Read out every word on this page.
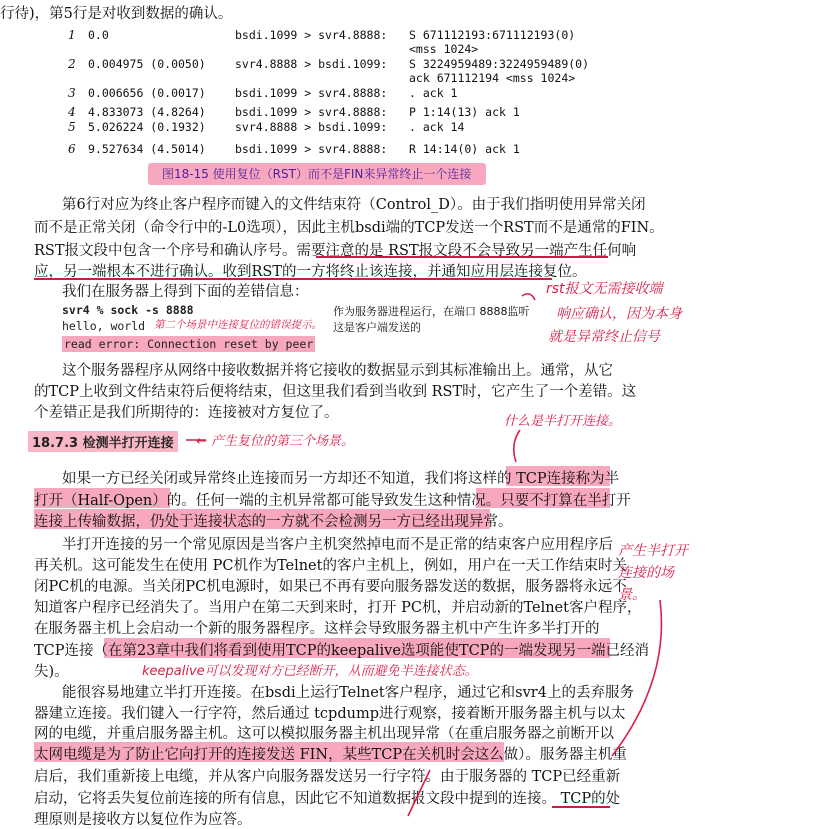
行待)，第5行是对收到数据的确认。
1 0.0	bsdi.1099 > svr4.8888: S 671112193:671112193(0)
<mss 1024>
2 0.004975 (0.0050)	svr4.8888 > bsdi.1099: S 3224959489:3224959489(0)
ack 671112194 <mss 1024>
3 0.006656 (0.0017)	bsdi.1099 > svr4.8888: . ack 1
4 4.833073 (4.8264)	bsdi.1099 > svr4.8888: P 1:14(13) ack 1
5 5.026224 (0.1932)	svr4.8888 > bsdi.1099: . ack 14
6 9.527634 (4.5014)	bsdi.1099 > svr4.8888: R 14:14(0) ack 1
图18-15 使用复位（RST）而不是FIN来异常终止一个连接
第6行对应为终止客户程序而键入的文件结束符（Control_D）。由于我们指明使用异常关闭
而不是正常关闭（命令行中的-L0选项），因此主机bsdi端的TCP发送一个RST而不是通常的FIN。
RST报文段中包含一个序号和确认序号。需要注意的是 RST报文段不会导致另一端产生任何响
应，另一端根本不进行确认。收到RST的一方将终止该连接，并通知应用层连接复位。
我们在服务器上得到下面的差错信息：
svr4 % sock -s 8888	作为服务器进程运行，在端口 8888监听
hello, world	这是客户端发送的
read error: Connection reset by peer
这个服务器程序从网络中接收数据并将它接收的数据显示到其标准输出上。通常，从它
的TCP上收到文件结束符后便将结束，但这里我们看到当收到 RST时，它产生了一个差错。这
个差错正是我们所期待的：连接被对方复位了。
18.7.3 检测半打开连接
如果一方已经关闭或异常终止连接而另一方却还不知道，我们将这样的 TCP连接称为半
打开（Half-Open）的。任何一端的主机异常都可能导致发生这种情况。只要不打算在半打开
连接上传输数据，仍处于连接状态的一方就不会检测另一方已经出现异常。
半打开连接的另一个常见原因是当客户主机突然掉电而不是正常的结束客户应用程序后
再关机。这可能发生在使用 PC机作为Telnet的客户主机上，例如，用户在一天工作结束时关
闭PC机的电源。当关闭PC机电源时，如果已不再有要向服务器发送的数据，服务器将永远不
知道客户程序已经消失了。当用户在第二天到来时，打开 PC机，并启动新的Telnet客户程序，
在服务器主机上会启动一个新的服务器程序。这样会导致服务器主机中产生许多半打开的
TCP连接（在第23章中我们将看到使用TCP的keepalive选项能使TCP的一端发现另一端已经消
失)。
能很容易地建立半打开连接。在bsdi上运行Telnet客户程序，通过它和svr4上的丢弃服务
器建立连接。我们键入一行字符，然后通过 tcpdump进行观察，接着断开服务器主机与以太
网的电缆，并重启服务器主机。这可以模拟服务器主机出现异常（在重启服务器之前断开以
太网电缆是为了防止它向打开的连接发送 FIN，某些TCP在关机时会这么做）。服务器主机重
启后，我们重新接上电缆，并从客户向服务器发送另一行字符。由于服务器的 TCP已经重新
启动，它将丢失复位前连接的所有信息，因此它不知道数据报文段中提到的连接。 TCP的处
理原则是接收方以复位作为应答。
第二个场景中连接复位的错误提示。
rst报文无需接收端
响应确认，因为本身
就是异常终止信号
← 产生复位的第三个场景。
什么是半打开连接。
产生半打开
连接的场
景。
keepalive可以发现对方已经断开，从而避免半连接状态。
